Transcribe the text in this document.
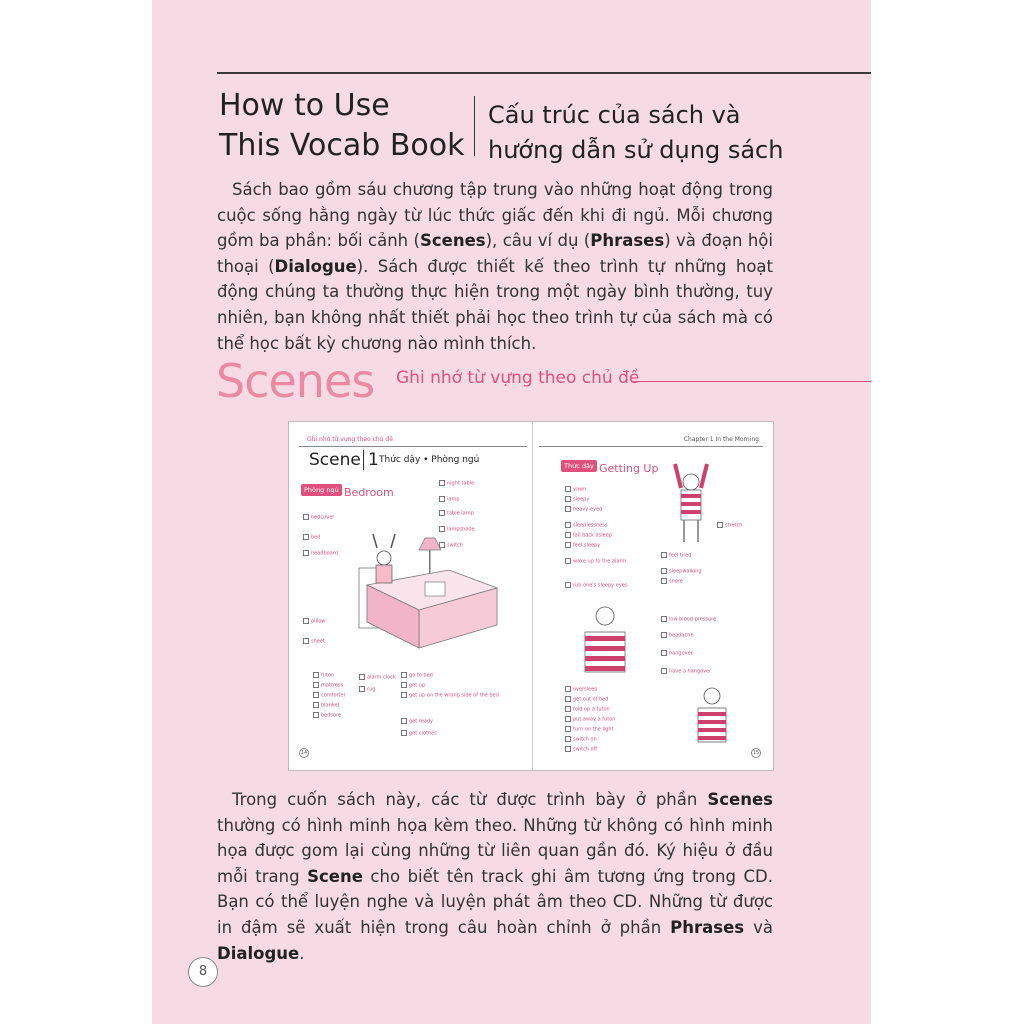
How to Use
This Vocab Book
Cấu trúc của sách và
hướng dẫn sử dụng sách
Sách bao gồm sáu chương tập trung vào những hoạt động trong cuộc sống hằng ngày từ lúc thức giấc đến khi đi ngủ. Mỗi chương gồm ba phần: bối cảnh (Scenes), câu ví dụ (Phrases) và đoạn hội thoại (Dialogue). Sách được thiết kế theo trình tự những hoạt động chúng ta thường thực hiện trong một ngày bình thường, tuy nhiên, bạn không nhất thiết phải học theo trình tự của sách mà có thể học bất kỳ chương nào mình thích.
Scenes Ghi nhớ từ vựng theo chủ đề
Ghi nhớ từ vựng theo chủ đề	Chapter 1 In the Morning
Scene 1 Thức dậy • Phòng ngủ
Phòng ngủ Bedroom
Thức dậy Getting Up
bedcover
bed
headboard
pillow
sheet
futon
mattress
comforter
blanket
bedsore
night table
lamp
table lamp
lampshade
switch
alarm clock
rug
go to bed
get up
get up on the wrong side of the bed
get ready
get clothes
yawn
sleepy
heavy-eyed
sleeplessness
fall back asleep
feel sleepy
wake up to the alarm
rub one's sleepy eyes
stretch
feel tired
sleepwalking
snore
low blood pressure
headache
hangover
have a hangover
oversleep
get out of bed
fold up a futon
put away a futon
turn on the light
switch on
switch off
14	15
Trong cuốn sách này, các từ được trình bày ở phần Scenes thường có hình minh họa kèm theo. Những từ không có hình minh họa được gom lại cùng những từ liên quan gần đó. Ký hiệu ở đầu mỗi trang Scene cho biết tên track ghi âm tương ứng trong CD. Bạn có thể luyện nghe và luyện phát âm theo CD. Những từ được in đậm sẽ xuất hiện trong câu hoàn chỉnh ở phần Phrases và Dialogue.
8
